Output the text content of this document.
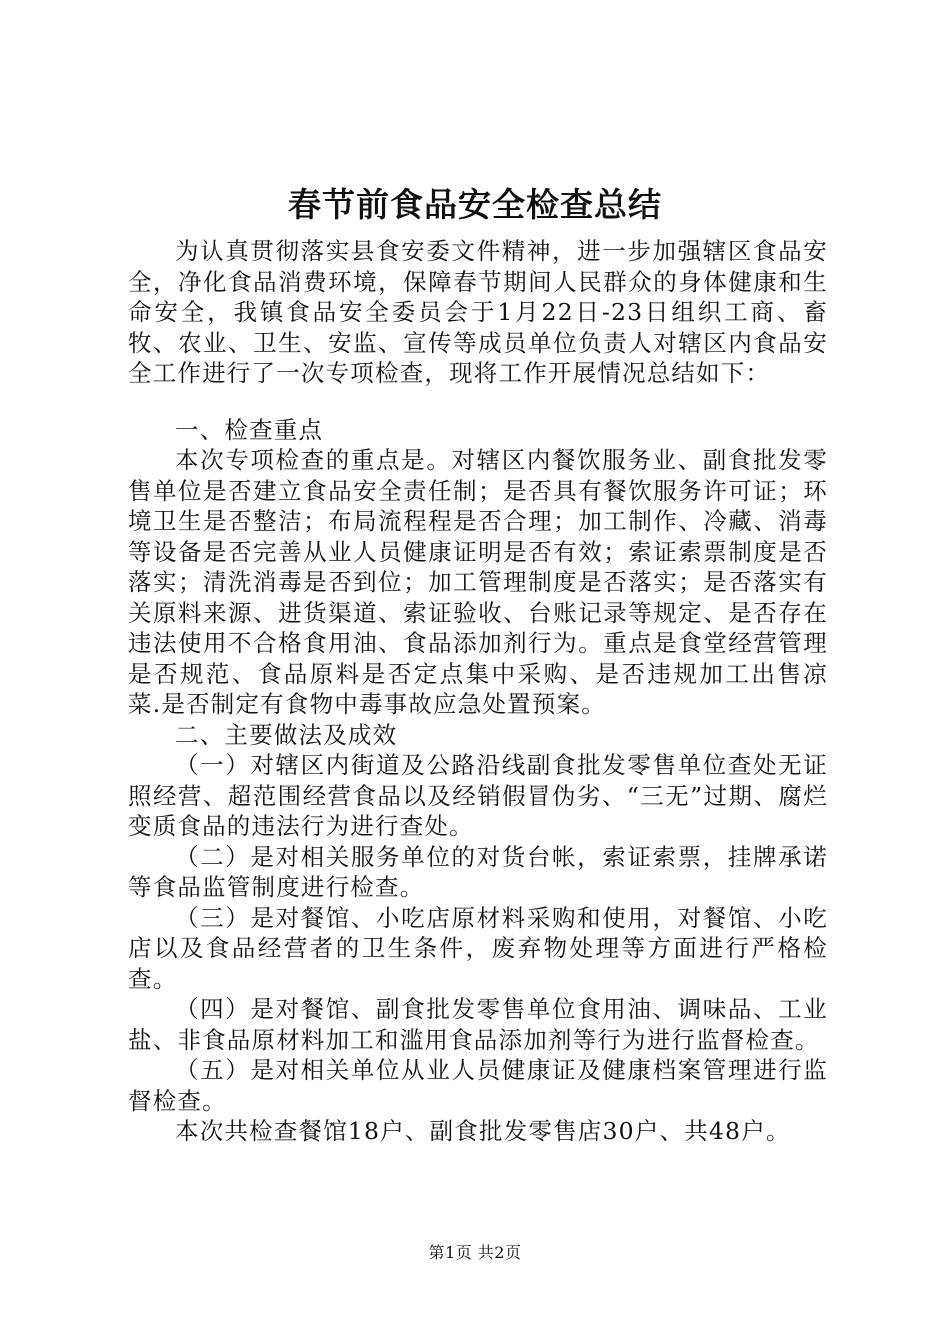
春节前食品安全检查总结

为认真贯彻落实县食安委文件精神，进一步加强辖区食品安全，净化食品消费环境，保障春节期间人民群众的身体健康和生命安全，我镇食品安全委员会于1月22日-23日组织工商、畜牧、农业、卫生、安监、宣传等成员单位负责人对辖区内食品安全工作进行了一次专项检查，现将工作开展情况总结如下：

一、检查重点

本次专项检查的重点是。对辖区内餐饮服务业、副食批发零售单位是否建立食品安全责任制；是否具有餐饮服务许可证；环境卫生是否整洁；布局流程程是否合理；加工制作、冷藏、消毒等设备是否完善从业人员健康证明是否有效；索证索票制度是否落实；清洗消毒是否到位；加工管理制度是否落实；是否落实有关原料来源、进货渠道、索证验收、台账记录等规定、是否存在违法使用不合格食用油、食品添加剂行为。重点是食堂经营管理是否规范、食品原料是否定点集中采购、是否违规加工出售凉菜.是否制定有食物中毒事故应急处置预案。

二、主要做法及成效

（一）对辖区内街道及公路沿线副食批发零售单位查处无证照经营、超范围经营食品以及经销假冒伪劣、“三无”过期、腐烂变质食品的违法行为进行查处。

（二）是对相关服务单位的对货台帐，索证索票，挂牌承诺等食品监管制度进行检查。

（三）是对餐馆、小吃店原材料采购和使用，对餐馆、小吃店以及食品经营者的卫生条件，废弃物处理等方面进行严格检查。

（四）是对餐馆、副食批发零售单位食用油、调味品、工业盐、非食品原材料加工和滥用食品添加剂等行为进行监督检查。

（五）是对相关单位从业人员健康证及健康档案管理进行监督检查。

本次共检查餐馆18户、副食批发零售店30户、共48户。

第1页 共2页
